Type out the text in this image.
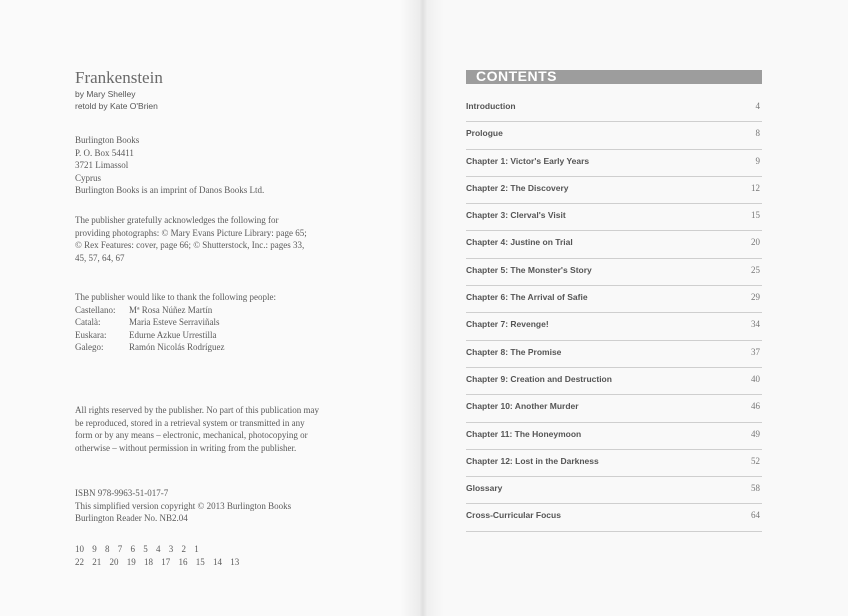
Frankenstein
by Mary Shelley
retold by Kate O'Brien
Burlington Books
P. O. Box 54411
3721 Limassol
Cyprus
Burlington Books is an imprint of Danos Books Ltd.
The publisher gratefully acknowledges the following for
providing photographs: © Mary Evans Picture Library: page 65;
© Rex Features: cover, page 66; © Shutterstock, Inc.: pages 33,
45, 57, 64, 67
The publisher would like to thank the following people:
Castellano:	Mª Rosa Núñez Martín
Català:	Maria Esteve Serraviñals
Euskara:	Edurne Azkue Urrestilla
Galego:	Ramón Nicolás Rodríguez
All rights reserved by the publisher. No part of this publication may
be reproduced, stored in a retrieval system or transmitted in any
form or by any means – electronic, mechanical, photocopying or
otherwise – without permission in writing from the publisher.
ISBN 978-9963-51-017-7
This simplified version copyright © 2013 Burlington Books
Burlington Reader No. NB2.04
10 9 8 7 6 5 4 3 2 1
22 21 20 19 18 17 16 15 14 13
CONTENTS
Introduction	4
Prologue	8
Chapter 1: Victor's Early Years	9
Chapter 2: The Discovery	12
Chapter 3: Clerval's Visit	15
Chapter 4: Justine on Trial	20
Chapter 5: The Monster's Story	25
Chapter 6: The Arrival of Safie	29
Chapter 7: Revenge!	34
Chapter 8: The Promise	37
Chapter 9: Creation and Destruction	40
Chapter 10: Another Murder	46
Chapter 11: The Honeymoon	49
Chapter 12: Lost in the Darkness	52
Glossary	58
Cross-Curricular Focus	64
